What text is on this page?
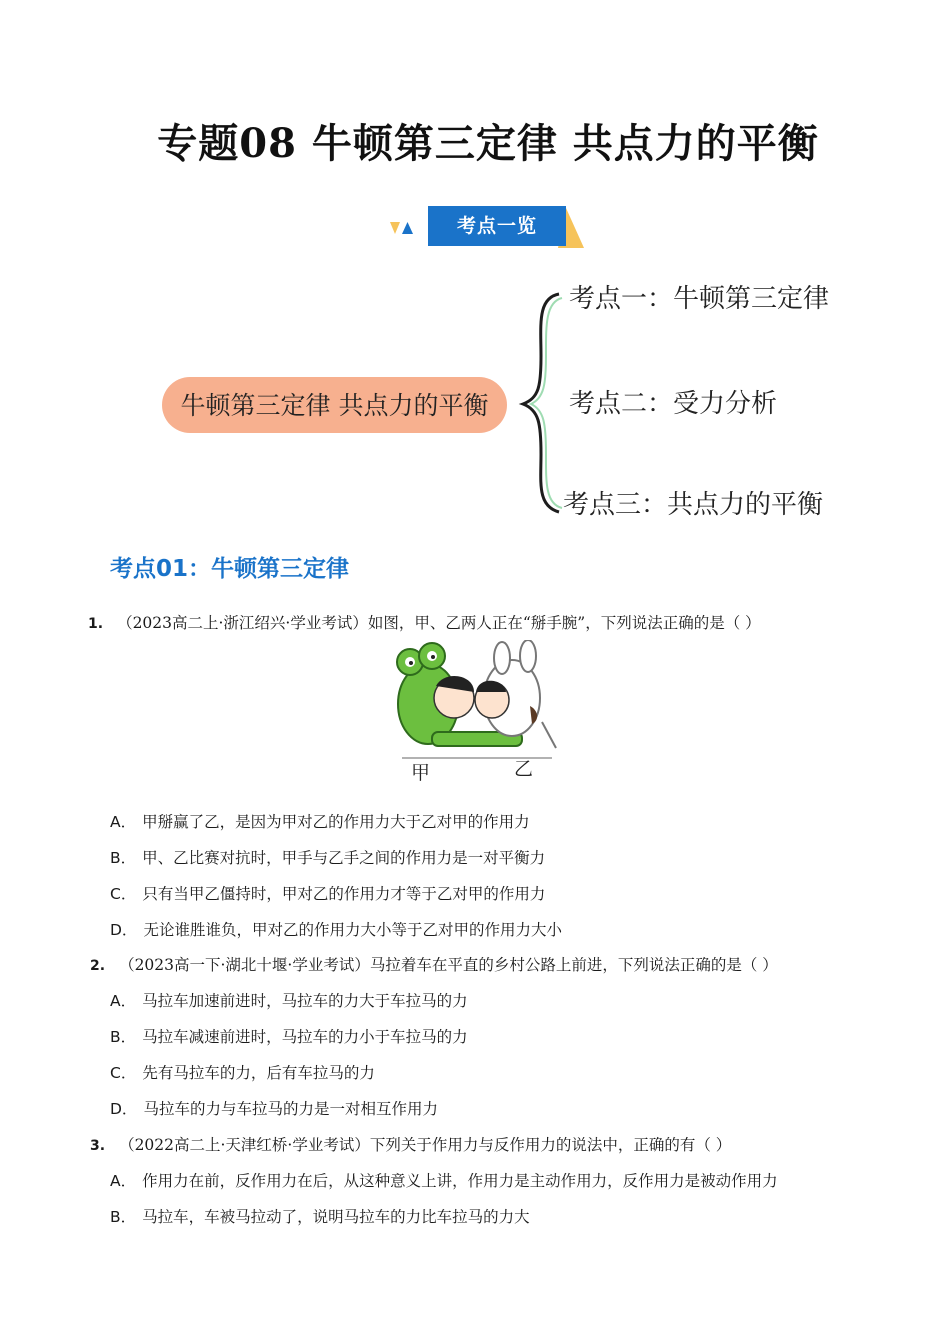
专题08 牛顿第三定律 共点力的平衡
考点一览
牛顿第三定律 共点力的平衡
考点一：牛顿第三定律
考点二：受力分析
考点三：共点力的平衡
考点01：牛顿第三定律
1. （2023高二上·浙江绍兴·学业考试）如图，甲、乙两人正在“掰手腕”，下列说法正确的是（ ）
甲	乙
A． 甲掰赢了乙，是因为甲对乙的作用力大于乙对甲的作用力
B． 甲、乙比赛对抗时，甲手与乙手之间的作用力是一对平衡力
C． 只有当甲乙僵持时，甲对乙的作用力才等于乙对甲的作用力
D． 无论谁胜谁负，甲对乙的作用力大小等于乙对甲的作用力大小
2. （2023高一下·湖北十堰·学业考试）马拉着车在平直的乡村公路上前进，下列说法正确的是（ ）
A． 马拉车加速前进时，马拉车的力大于车拉马的力
B． 马拉车减速前进时，马拉车的力小于车拉马的力
C． 先有马拉车的力，后有车拉马的力
D． 马拉车的力与车拉马的力是一对相互作用力
3. （2022高二上·天津红桥·学业考试）下列关于作用力与反作用力的说法中，正确的有（ ）
A． 作用力在前，反作用力在后，从这种意义上讲，作用力是主动作用力，反作用力是被动作用力
B． 马拉车，车被马拉动了，说明马拉车的力比车拉马的力大
